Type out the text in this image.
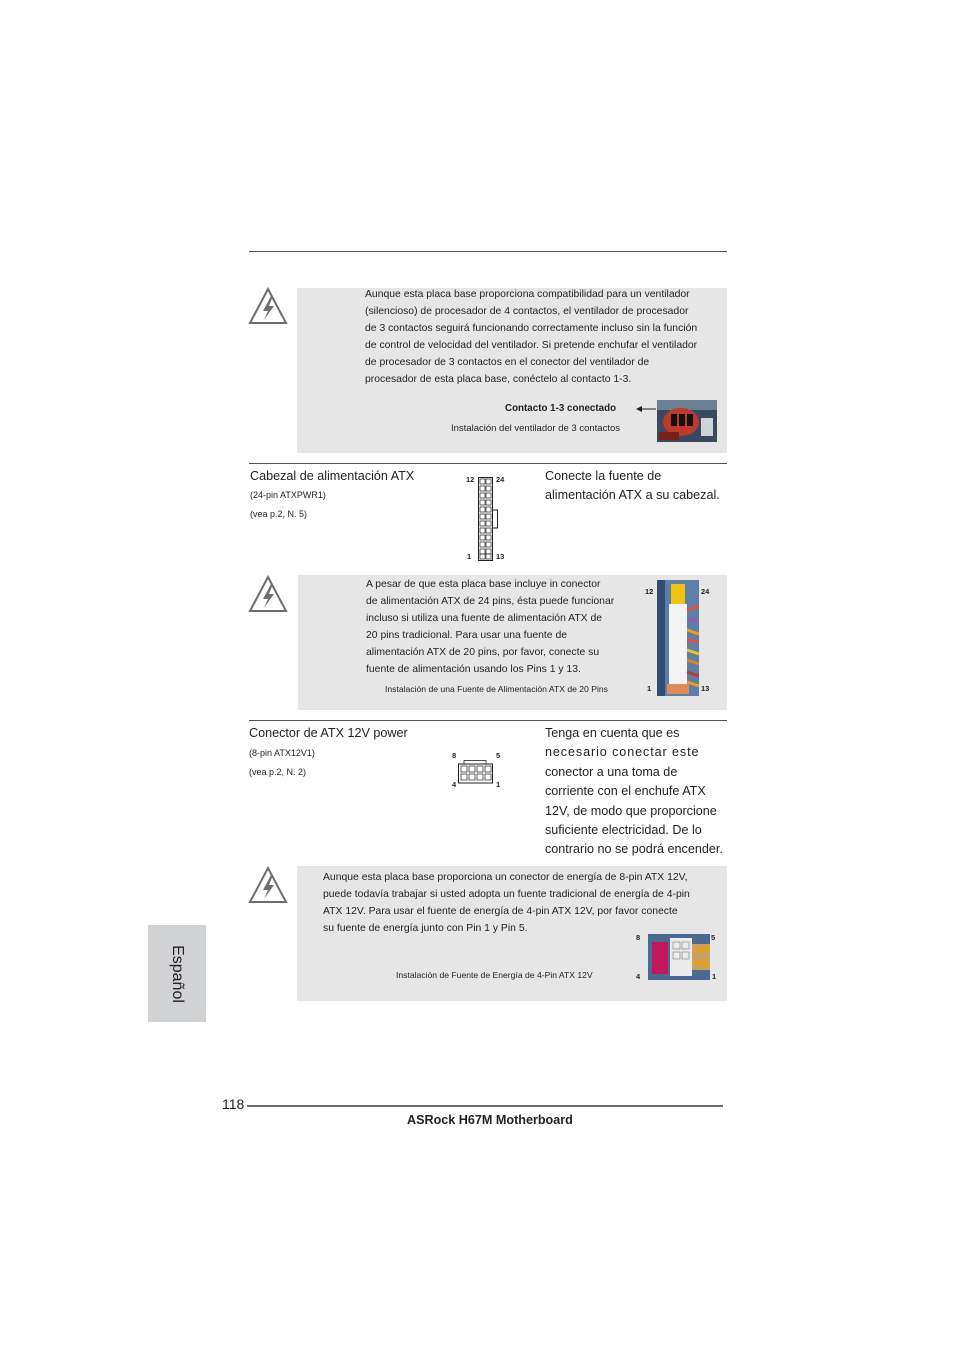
Aunque esta placa base proporciona compatibilidad para un ventilador
(silencioso) de procesador de 4 contactos, el ventilador de procesador
de 3 contactos seguirá funcionando correctamente incluso sin la función
de control de velocidad del ventilador. Si pretende enchufar el ventilador
de procesador de 3 contactos en el conector del ventilador de
procesador de esta placa base, conéctelo al contacto 1-3.
Contacto 1-3 conectado
Instalación del ventilador de 3 contactos
Cabezal de alimentación ATX
(24-pin ATXPWR1)
(vea p.2, N. 5)
12	24
1	13
Conecte la fuente de
alimentación ATX a su cabezal.
A pesar de que esta placa base incluye in conector
de alimentación ATX de 24 pins, ésta puede funcionar
incluso si utiliza una fuente de alimentación ATX de
20 pins tradicional. Para usar una fuente de
alimentación ATX de 20 pins, por favor, conecte su
fuente de alimentación usando los Pins 1 y 13.
Instalación de una Fuente de Alimentación ATX de 20 Pins
12	24
1	13
Conector de ATX 12V power
(8-pin ATX12V1)
(vea p.2, N. 2)
8	5
4	1
Tenga en cuenta que es
necesario conectar este
conector a una toma de
corriente con el enchufe ATX
12V, de modo que proporcione
suficiente electricidad. De lo
contrario no se podrá encender.
Aunque esta placa base proporciona un conector de energía de 8-pin ATX 12V,
puede todavía trabajar si usted adopta un fuente tradicional de energía de 4-pin
ATX 12V. Para usar el fuente de energía de 4-pin ATX 12V, por favor conecte
su fuente de energía junto con Pin 1 y Pin 5.
Instalación de Fuente de Energía de 4-Pin ATX 12V
8	5
4	1
Español
118
ASRock H67M Motherboard
